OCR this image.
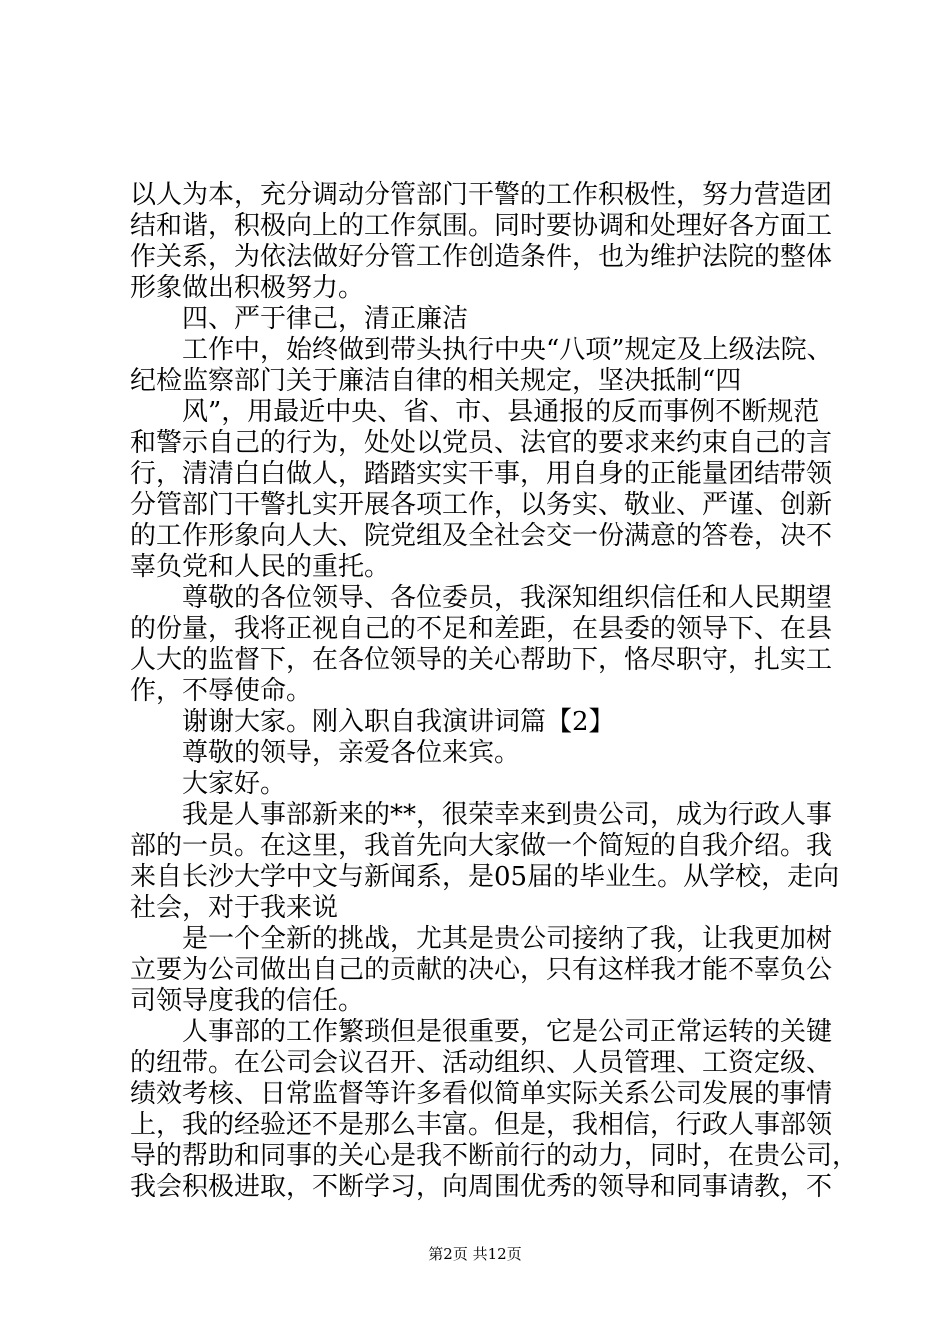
以人为本，充分调动分管部门干警的工作积极性，努力营造团
结和谐，积极向上的工作氛围。同时要协调和处理好各方面工
作关系，为依法做好分管工作创造条件，也为维护法院的整体
形象做出积极努力。
四、严于律己，清正廉洁
工作中，始终做到带头执行中央“八项”规定及上级法院、
纪检监察部门关于廉洁自律的相关规定，坚决抵制“四
风”，用最近中央、省、市、县通报的反而事例不断规范
和警示自己的行为，处处以党员、法官的要求来约束自己的言
行，清清白白做人，踏踏实实干事，用自身的正能量团结带领
分管部门干警扎实开展各项工作，以务实、敬业、严谨、创新
的工作形象向人大、院党组及全社会交一份满意的答卷，决不
辜负党和人民的重托。
尊敬的各位领导、各位委员，我深知组织信任和人民期望
的份量，我将正视自己的不足和差距，在县委的领导下、在县
人大的监督下，在各位领导的关心帮助下，恪尽职守，扎实工
作，不辱使命。
谢谢大家。刚入职自我演讲词篇【2】
尊敬的领导，亲爱各位来宾。
大家好。
我是人事部新来的**，很荣幸来到贵公司，成为行政人事
部的一员。在这里，我首先向大家做一个简短的自我介绍。我
来自长沙大学中文与新闻系，是05届的毕业生。从学校，走向
社会，对于我来说
是一个全新的挑战，尤其是贵公司接纳了我，让我更加树
立要为公司做出自己的贡献的决心，只有这样我才能不辜负公
司领导度我的信任。
人事部的工作繁琐但是很重要，它是公司正常运转的关键
的纽带。在公司会议召开、活动组织、人员管理、工资定级、
绩效考核、日常监督等许多看似简单实际关系公司发展的事情
上，我的经验还不是那么丰富。但是，我相信，行政人事部领
导的帮助和同事的关心是我不断前行的动力，同时，在贵公司，
我会积极进取，不断学习，向周围优秀的领导和同事请教，不
第2页 共12页
